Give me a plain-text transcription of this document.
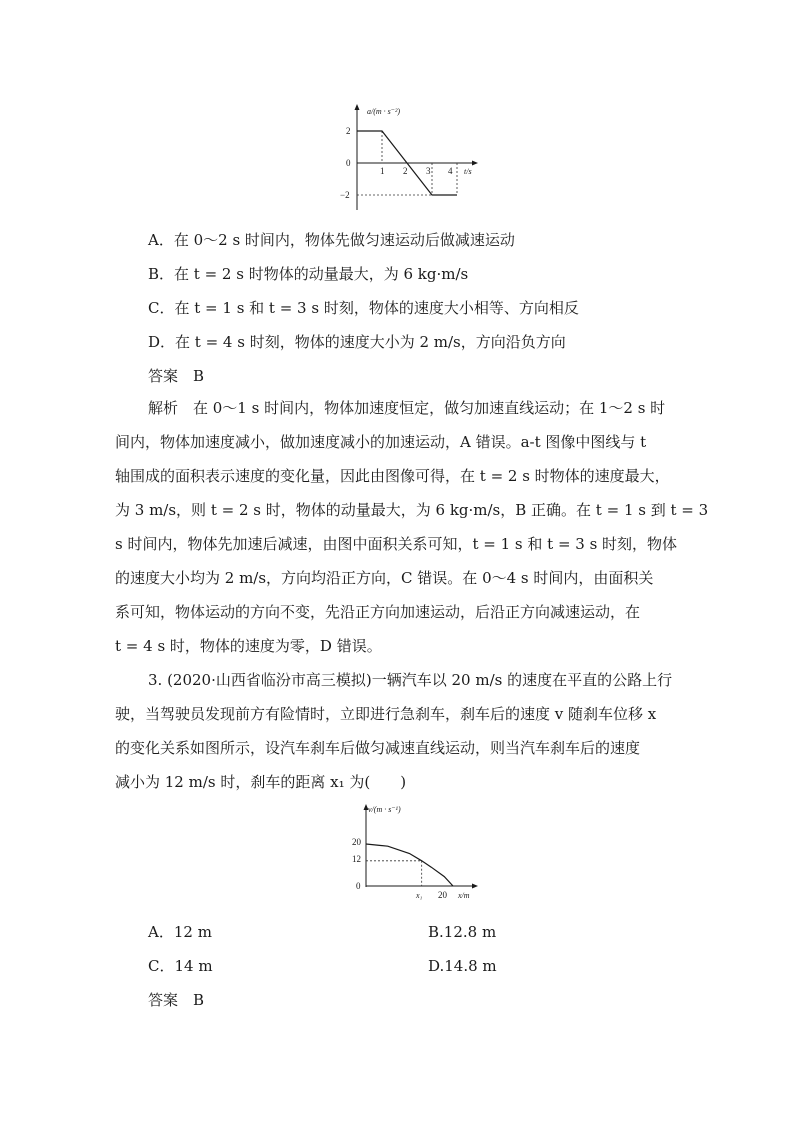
a/(m · s⁻²)
t/s
2
0
−2
1 2 3 4
A．在 0～2 s 时间内，物体先做匀速运动后做减速运动
B．在 t = 2 s 时物体的动量最大，为 6 kg·m/s
C．在 t = 1 s 和 t = 3 s 时刻，物体的速度大小相等、方向相反
D．在 t = 4 s 时刻，物体的速度大小为 2 m/s，方向沿负方向
答案　B
解析　在 0～1 s 时间内，物体加速度恒定，做匀加速直线运动；在 1～2 s 时
间内，物体加速度减小，做加速度减小的加速运动，A 错误。a-t 图像中图线与 t
轴围成的面积表示速度的变化量，因此由图像可得，在 t = 2 s 时物体的速度最大，
为 3 m/s，则 t = 2 s 时，物体的动量最大，为 6 kg·m/s，B 正确。在 t = 1 s 到 t = 3
s 时间内，物体先加速后减速，由图中面积关系可知，t = 1 s 和 t = 3 s 时刻，物体
的速度大小均为 2 m/s，方向均沿正方向，C 错误。在 0～4 s 时间内，由面积关
系可知，物体运动的方向不变，先沿正方向加速运动，后沿正方向减速运动，在
t = 4 s 时，物体的速度为零，D 错误。
3. (2020·山西省临汾市高三模拟)一辆汽车以 20 m/s 的速度在平直的公路上行
驶，当驾驶员发现前方有险情时，立即进行急刹车，刹车后的速度 v 随刹车位移 x
的变化关系如图所示，设汽车刹车后做匀减速直线运动，则当汽车刹车后的速度
减小为 12 m/s 时，刹车的距离 x₁ 为(　　)
v/(m · s⁻¹)
x/m
20
12
0
x₁ 20
A．12 m	B.12.8 m
C．14 m	D.14.8 m
答案　B
